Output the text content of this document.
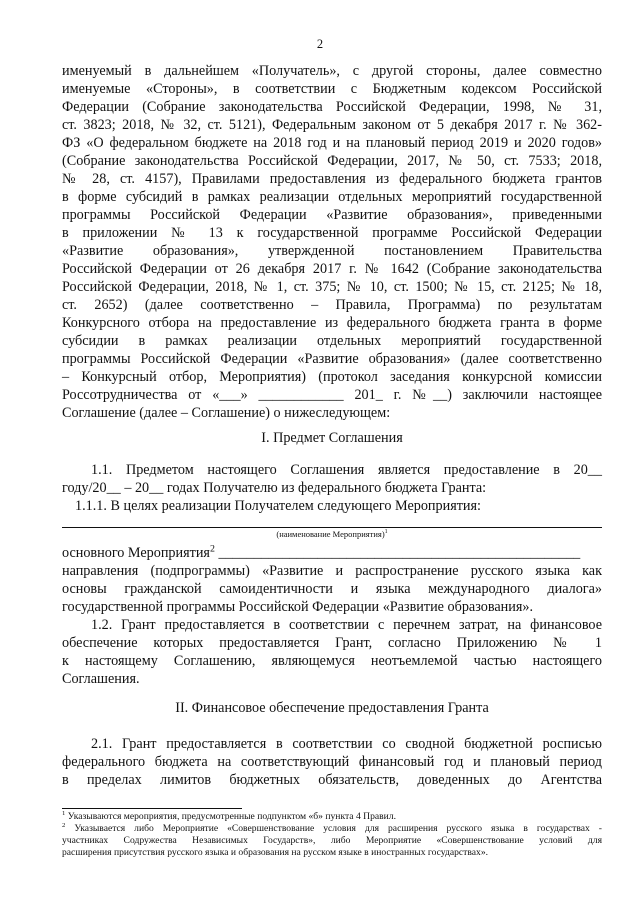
2
именуемый в дальнейшем «Получатель», с другой стороны, далее совместно
именуемые «Стороны», в соответствии с Бюджетным кодексом Российской
Федерации (Собрание законодательства Российской Федерации, 1998, № 31,
ст. 3823; 2018, № 32, ст. 5121), Федеральным законом от 5 декабря 2017 г. № 362-
ФЗ «О федеральном бюджете на 2018 год и на плановый период 2019 и 2020 годов»
(Собрание законодательства Российской Федерации, 2017, № 50, ст. 7533; 2018,
№ 28, ст. 4157), Правилами предоставления из федерального бюджета грантов
в форме субсидий в рамках реализации отдельных мероприятий государственной
программы Российской Федерации «Развитие образования», приведенными
в приложении № 13 к государственной программе Российской Федерации
«Развитие образования», утвержденной постановлением Правительства
Российской Федерации от 26 декабря 2017 г. № 1642 (Собрание законодательства
Российской Федерации, 2018, № 1, ст. 375; № 10, ст. 1500; № 15, ст. 2125; № 18,
ст. 2652) (далее соответственно – Правила, Программа) по результатам
Конкурсного отбора на предоставление из федерального бюджета гранта в форме
субсидии в рамках реализации отдельных мероприятий государственной
программы Российской Федерации «Развитие образования» (далее соответственно
– Конкурсный отбор, Мероприятия) (протокол заседания конкурсной комиссии
Россотрудничества от «___» ____________ 201_ г. №__) заключили настоящее
Соглашение (далее – Соглашение) о нижеследующем:
I. Предмет Соглашения
1.1. Предметом настоящего Соглашения является предоставление в 20__
году/20__ – 20__ годах Получателю из федерального бюджета Гранта:
1.1.1. В целях реализации Получателем следующего Мероприятия:
(наименование Мероприятия)$^1$
основного Мероприятия$^2$ ___________________________________________________
направления (подпрограммы) «Развитие и распространение русского языка как
основы гражданской самоидентичности и языка международного диалога»
государственной программы Российской Федерации «Развитие образования».
1.2. Грант предоставляется в соответствии с перечнем затрат, на финансовое
обеспечение которых предоставляется Грант, согласно Приложению № 1
к настоящему Соглашению, являющемуся неотъемлемой частью настоящего
Соглашения.
II. Финансовое обеспечение предоставления Гранта
2.1. Грант предоставляется в соответствии со сводной бюджетной росписью
федерального бюджета на соответствующий финансовый год и плановый период
в пределах лимитов бюджетных обязательств, доведенных до Агентства
$^1$ Указываются мероприятия, предусмотренные подпунктом «б» пункта 4 Правил.
$^2$ Указывается либо Мероприятие «Совершенствование условия для расширения русского языка в государствах -
участниках Содружества Независимых Государств», либо Мероприятие «Совершенствование условий для
расширения присутствия русского языка и образования на русском языке в иностранных государствах».
